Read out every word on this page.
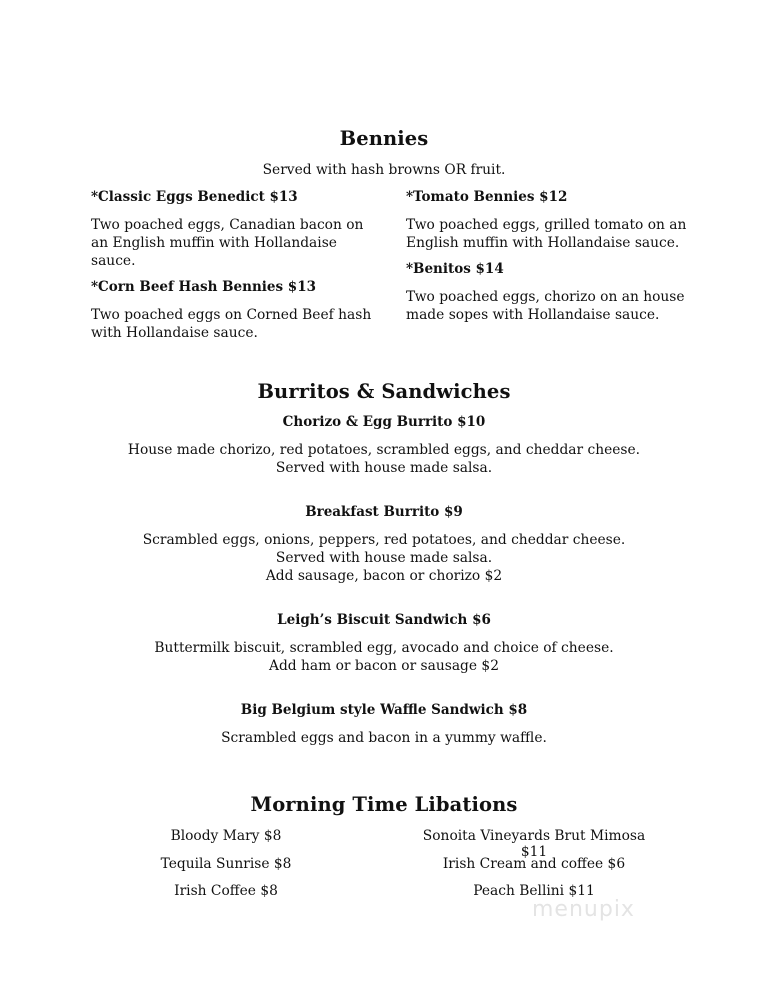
Bennies
Served with hash browns OR fruit.
*Classic Eggs Benedict $13
Two poached eggs, Canadian bacon on an English muffin with Hollandaise sauce.
*Corn Beef Hash Bennies $13
Two poached eggs on Corned Beef hash with Hollandaise sauce.
*Tomato Bennies $12
Two poached eggs, grilled tomato on an English muffin with Hollandaise sauce.
*Benitos $14
Two poached eggs, chorizo on an house made sopes with Hollandaise sauce.
Burritos & Sandwiches
Chorizo & Egg Burrito $10
House made chorizo, red potatoes, scrambled eggs, and cheddar cheese.
Served with house made salsa.
Breakfast Burrito $9
Scrambled eggs, onions, peppers, red potatoes, and cheddar cheese.
Served with house made salsa.
Add sausage, bacon or chorizo $2
Leigh’s Biscuit Sandwich $6
Buttermilk biscuit, scrambled egg, avocado and choice of cheese.
Add ham or bacon or sausage $2
Big Belgium style Waffle Sandwich $8
Scrambled eggs and bacon in a yummy waffle.
Morning Time Libations
Bloody Mary $8
Tequila Sunrise $8
Irish Coffee $8
Sonoita Vineyards Brut Mimosa $11
Irish Cream and coffee $6
Peach Bellini $11
menupix
